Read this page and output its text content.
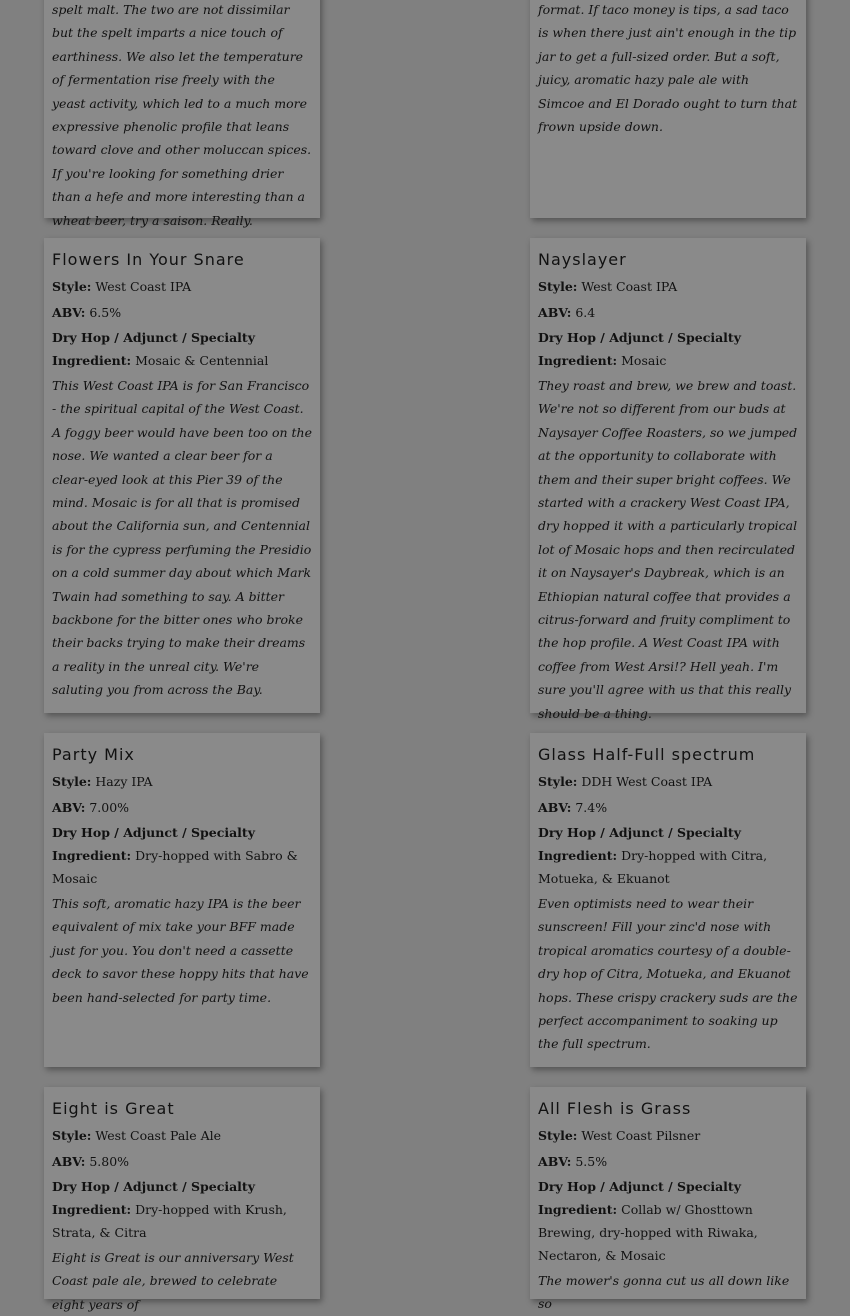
spelt malt. The two are not dissimilar but the spelt imparts a nice touch of earthiness. We also let the temperature of fermentation rise freely with the yeast activity, which led to a much more expressive phenolic profile that leans toward clove and other moluccan spices. If you're looking for something drier than a hefe and more interesting than a wheat beer, try a saison. Really.

format. If taco money is tips, a sad taco is when there just ain't enough in the tip jar to get a full-sized order. But a soft, juicy, aromatic hazy pale ale with Simcoe and El Dorado ought to turn that frown upside down.

Flowers In Your Snare

Style: West Coast IPA

ABV: 6.5%

Dry Hop / Adjunct / Specialty

Ingredient: Mosaic & Centennial

This West Coast IPA is for San Francisco - the spiritual capital of the West Coast. A foggy beer would have been too on the nose. We wanted a clear beer for a clear-eyed look at this Pier 39 of the mind. Mosaic is for all that is promised about the California sun, and Centennial is for the cypress perfuming the Presidio on a cold summer day about which Mark Twain had something to say. A bitter backbone for the bitter ones who broke their backs trying to make their dreams a reality in the unreal city. We're saluting you from across the Bay.

Nayslayer

Style: West Coast IPA

ABV: 6.4

Dry Hop / Adjunct / Specialty

Ingredient: Mosaic

They roast and brew, we brew and toast. We're not so different from our buds at Naysayer Coffee Roasters, so we jumped at the opportunity to collaborate with them and their super bright coffees. We started with a crackery West Coast IPA, dry hopped it with a particularly tropical lot of Mosaic hops and then recirculated it on Naysayer's Daybreak, which is an Ethiopian natural coffee that provides a citrus-forward and fruity compliment to the hop profile. A West Coast IPA with coffee from West Arsi!? Hell yeah. I'm sure you'll agree with us that this really should be a thing.

Party Mix

Style: Hazy IPA

ABV: 7.00%

Dry Hop / Adjunct / Specialty

Ingredient: Dry-hopped with Sabro & Mosaic

This soft, aromatic hazy IPA is the beer equivalent of mix take your BFF made just for you. You don't need a cassette deck to savor these hoppy hits that have been hand-selected for party time.

Glass Half-Full spectrum

Style: DDH West Coast IPA

ABV: 7.4%

Dry Hop / Adjunct / Specialty

Ingredient: Dry-hopped with Citra, Motueka, & Ekuanot

Even optimists need to wear their sunscreen! Fill your zinc'd nose with tropical aromatics courtesy of a double-dry hop of Citra, Motueka, and Ekuanot hops. These crispy crackery suds are the perfect accompaniment to soaking up the full spectrum.

Eight is Great

Style: West Coast Pale Ale

ABV: 5.80%

Dry Hop / Adjunct / Specialty

Ingredient: Dry-hopped with Krush, Strata, & Citra

Eight is Great is our anniversary West Coast pale ale, brewed to celebrate eight years of

All Flesh is Grass

Style: West Coast Pilsner

ABV: 5.5%

Dry Hop / Adjunct / Specialty

Ingredient: Collab w/ Ghosttown Brewing, dry-hopped with Riwaka, Nectaron, & Mosaic

The mower's gonna cut us all down like so
